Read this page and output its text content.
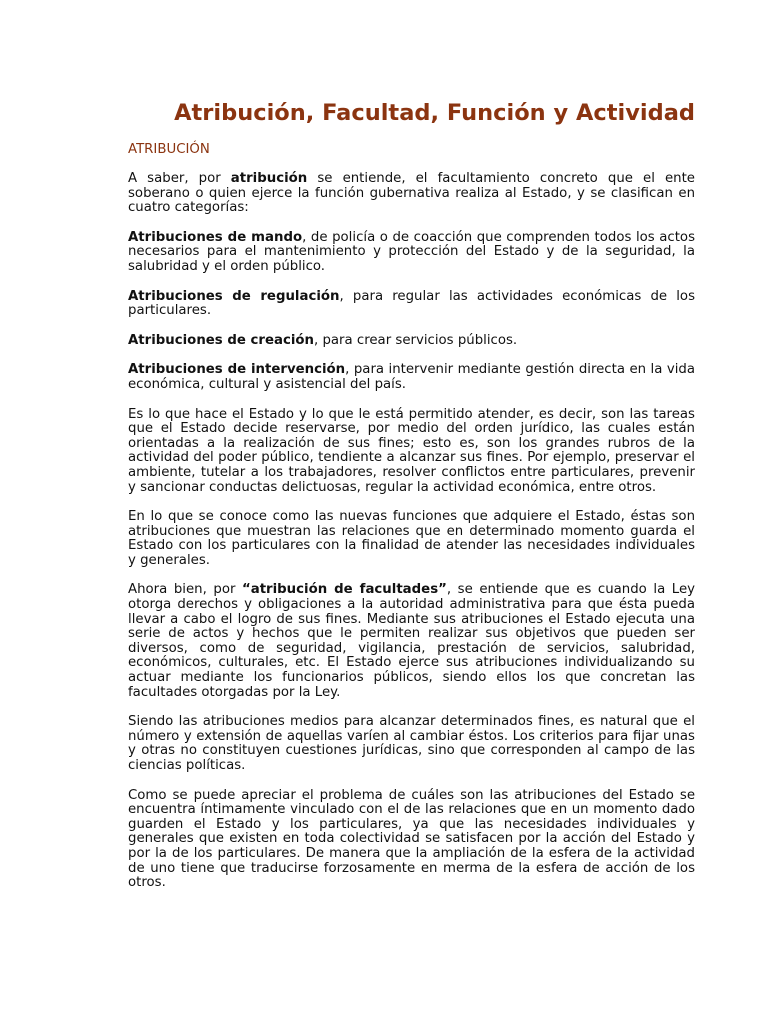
Atribución, Facultad, Función y Actividad
ATRIBUCIÓN

A saber, por atribución se entiende, el facultamiento concreto que el ente soberano o quien ejerce la función gubernativa realiza al Estado, y se clasifican en cuatro categorías:

Atribuciones de mando, de policía o de coacción que comprenden todos los actos necesarios para el mantenimiento y protección del Estado y de la seguridad, la salubridad y el orden público.

Atribuciones de regulación, para regular las actividades económicas de los particulares.

Atribuciones de creación, para crear servicios públicos.

Atribuciones de intervención, para intervenir mediante gestión directa en la vida económica, cultural y asistencial del país.

Es lo que hace el Estado y lo que le está permitido atender, es decir, son las tareas que el Estado decide reservarse, por medio del orden jurídico, las cuales están orientadas a la realización de sus fines; esto es, son los grandes rubros de la actividad del poder público, tendiente a alcanzar sus fines. Por ejemplo, preservar el ambiente, tutelar a los trabajadores, resolver conflictos entre particulares, prevenir y sancionar conductas delictuosas, regular la actividad económica, entre otros.

En lo que se conoce como las nuevas funciones que adquiere el Estado, éstas son atribuciones que muestran las relaciones que en determinado momento guarda el Estado con los particulares con la finalidad de atender las necesidades individuales y generales.

Ahora bien, por “atribución de facultades”, se entiende que es cuando la Ley otorga derechos y obligaciones a la autoridad administrativa para que ésta pueda llevar a cabo el logro de sus fines. Mediante sus atribuciones el Estado ejecuta una serie de actos y hechos que le permiten realizar sus objetivos que pueden ser diversos, como de seguridad, vigilancia, prestación de servicios, salubridad, económicos, culturales, etc. El Estado ejerce sus atribuciones individualizando su actuar mediante los funcionarios públicos, siendo ellos los que concretan las facultades otorgadas por la Ley.

Siendo las atribuciones medios para alcanzar determinados fines, es natural que el número y extensión de aquellas varíen al cambiar éstos. Los criterios para fijar unas y otras no constituyen cuestiones jurídicas, sino que corresponden al campo de las ciencias políticas.

Como se puede apreciar el problema de cuáles son las atribuciones del Estado se encuentra íntimamente vinculado con el de las relaciones que en un momento dado guarden el Estado y los particulares, ya que las necesidades individuales y generales que existen en toda colectividad se satisfacen por la acción del Estado y por la de los particulares. De manera que la ampliación de la esfera de la actividad de uno tiene que traducirse forzosamente en merma de la esfera de acción de los otros.
